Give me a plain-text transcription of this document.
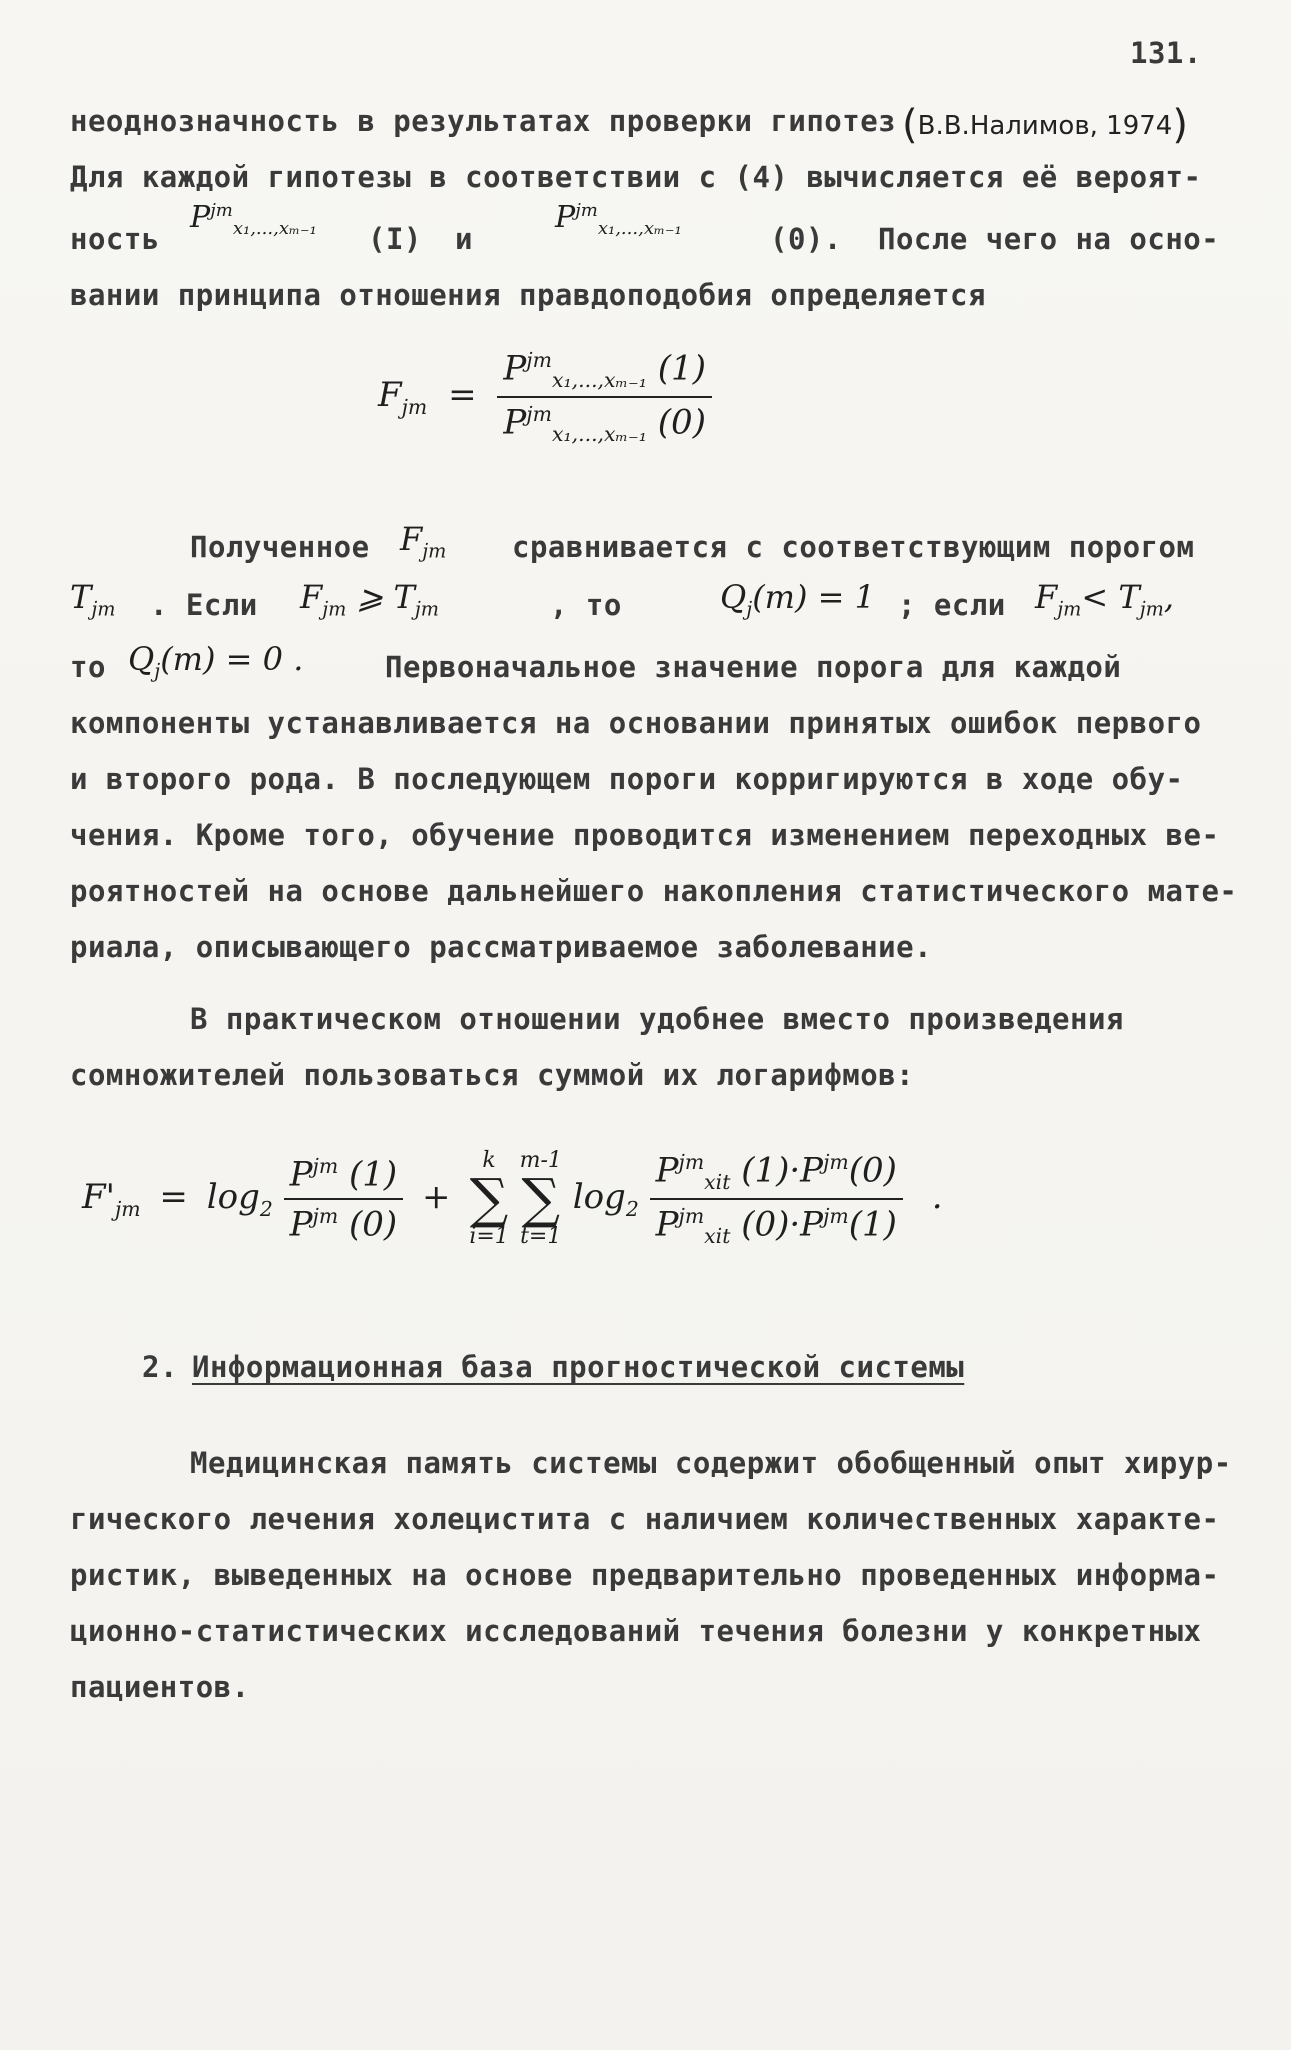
131.
неоднозначность в результатах проверки гипотез (В.В.Налимов, 1974)
Для каждой гипотезы в соответствии с (4) вычисляется её вероят-
ность
$P^{jm}_{x_1,...,x_{m-1}}$ (I) и
$P^{jm}_{x_1,...,x_{m-1}}$	(0). После чего на осно-
вании принципа отношения правдоподобия определяется
$F_{jm} = \frac{P^{jm}_{x_1,...,x_{m-1}} (1)}{P^{jm}_{x_1,...,x_{m-1}} (0)}$
Полученное $F_{jm}$ сравнивается с соответствующим порогом
$T_{jm}$ . Если $F_{jm}$ ⩾ $T_{jm}$	, то	$Q_j(m) = 1$ ; если $F_{jm}< T_{jm}$,
то $Q_j(m) = 0$ .	Первоначальное значение порога для каждой
компоненты устанавливается на основании принятых ошибок первого
и второго рода. В последующем пороги корригируются в ходе обу-
чения. Кроме того, обучение проводится изменением переходных ве-
роятностей на основе дальнейшего накопления статистического мате-
риала, описывающего рассматриваемое заболевание.
В практическом отношении удобнее вместо произведения
сомножителей пользоваться суммой их логарифмов:
$F'_{jm} = \log_2 \frac{P^{jm} (1)}{P^{jm} (0)}$ +
k
∑
i=1

m-1
∑
t=1
$\log_2 \frac{P^{jm}_{xit} (1)\cdot P^{jm}(0)}{P^{jm}_{xit} (0)\cdot P^{jm}(1)}$ .
2. Информационная база прогностической системы
Медицинская память системы содержит обобщенный опыт хирур-
гического лечения холецистита с наличием количественных характе-
ристик, выведенных на основе предварительно проведенных информа-
ционно-статистических исследований течения болезни у конкретных
пациентов.
